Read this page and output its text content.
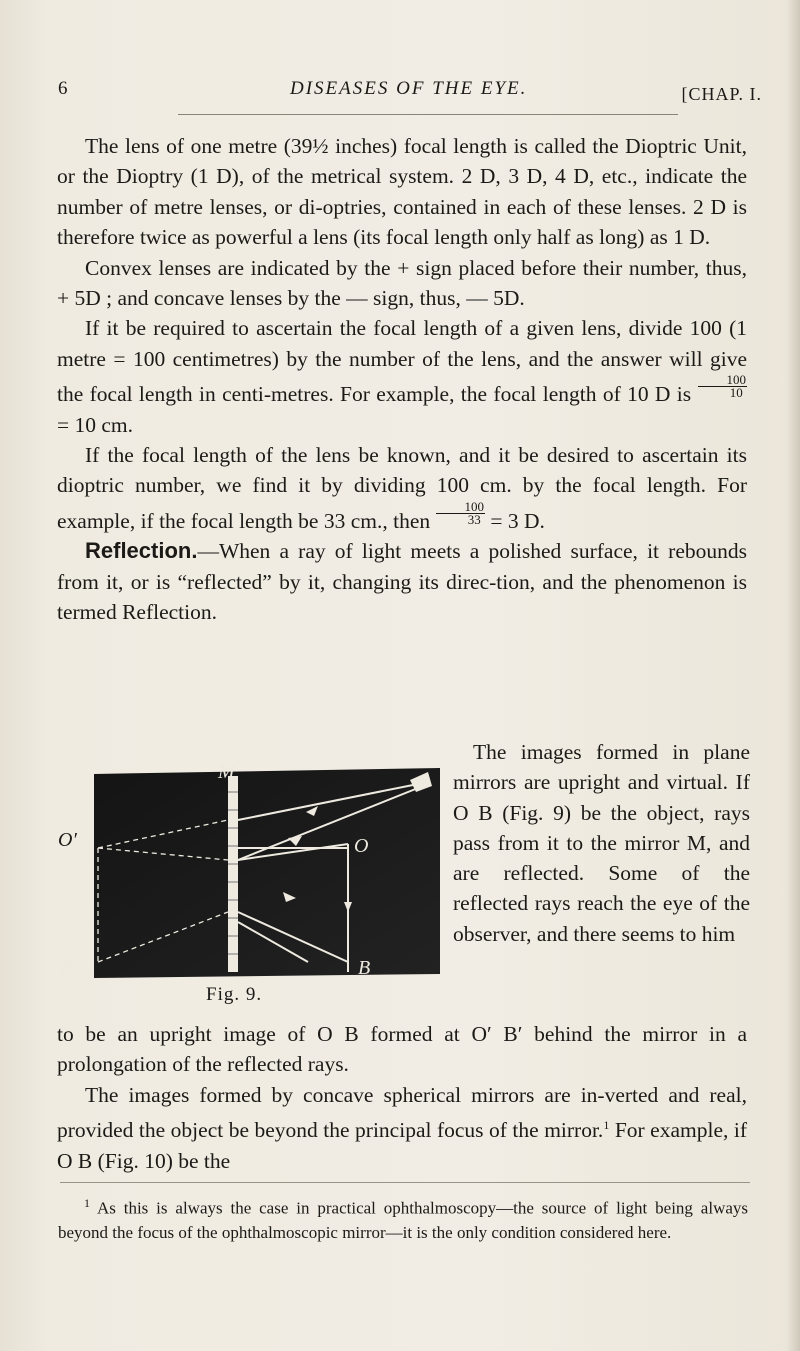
6	DISEASES OF THE EYE.	[CHAP. I.

The lens of one metre (39½ inches) focal length is called the Dioptric Unit, or the Dioptry (1 D), of the metrical system. 2 D, 3 D, 4 D, etc., indicate the number of metre lenses, or di-optries, contained in each of these lenses. 2 D is therefore twice as powerful a lens (its focal length only half as long) as 1 D.

Convex lenses are indicated by the + sign placed before their number, thus, + 5D ; and concave lenses by the — sign, thus, — 5D.

If it be required to ascertain the focal length of a given lens, divide 100 (1 metre = 100 centimetres) by the number of the lens, and the answer will give the focal length in centi-metres. For example, the focal length of 10 D is $\frac{100}{10}$
= 10 cm.

If the focal length of the lens be known, and it be desired to ascertain its dioptric number, we find it by dividing 100 cm. by the focal length. For example, if the focal length be 33 cm., then $\frac{100}{33} = 3$ D.

Reflection.—When a ray of light meets a polished surface, it rebounds from it, or is “reflected” by it, changing its direc-tion, and the phenomenon is termed Reflection.

The images formed in plane mirrors are upright and virtual. If O B (Fig. 9) be the object, rays pass from it to the mirror M, and are reflected. Some of the reflected rays reach the eye of the observer, and there seems to him

M
O′	O
B′	B
Fig. 9.

to be an upright image of O B formed at O′ B′ behind the mirror in a prolongation of the reflected rays.

The images formed by concave spherical mirrors are in-verted and real, provided the object be beyond the principal focus of the mirror.$^1$ For example, if O B (Fig. 10) be the

$^1$ As this is always the case in practical ophthalmoscopy—the source of light being always beyond the focus of the ophthalmoscopic mirror—it is the only condition considered here.
